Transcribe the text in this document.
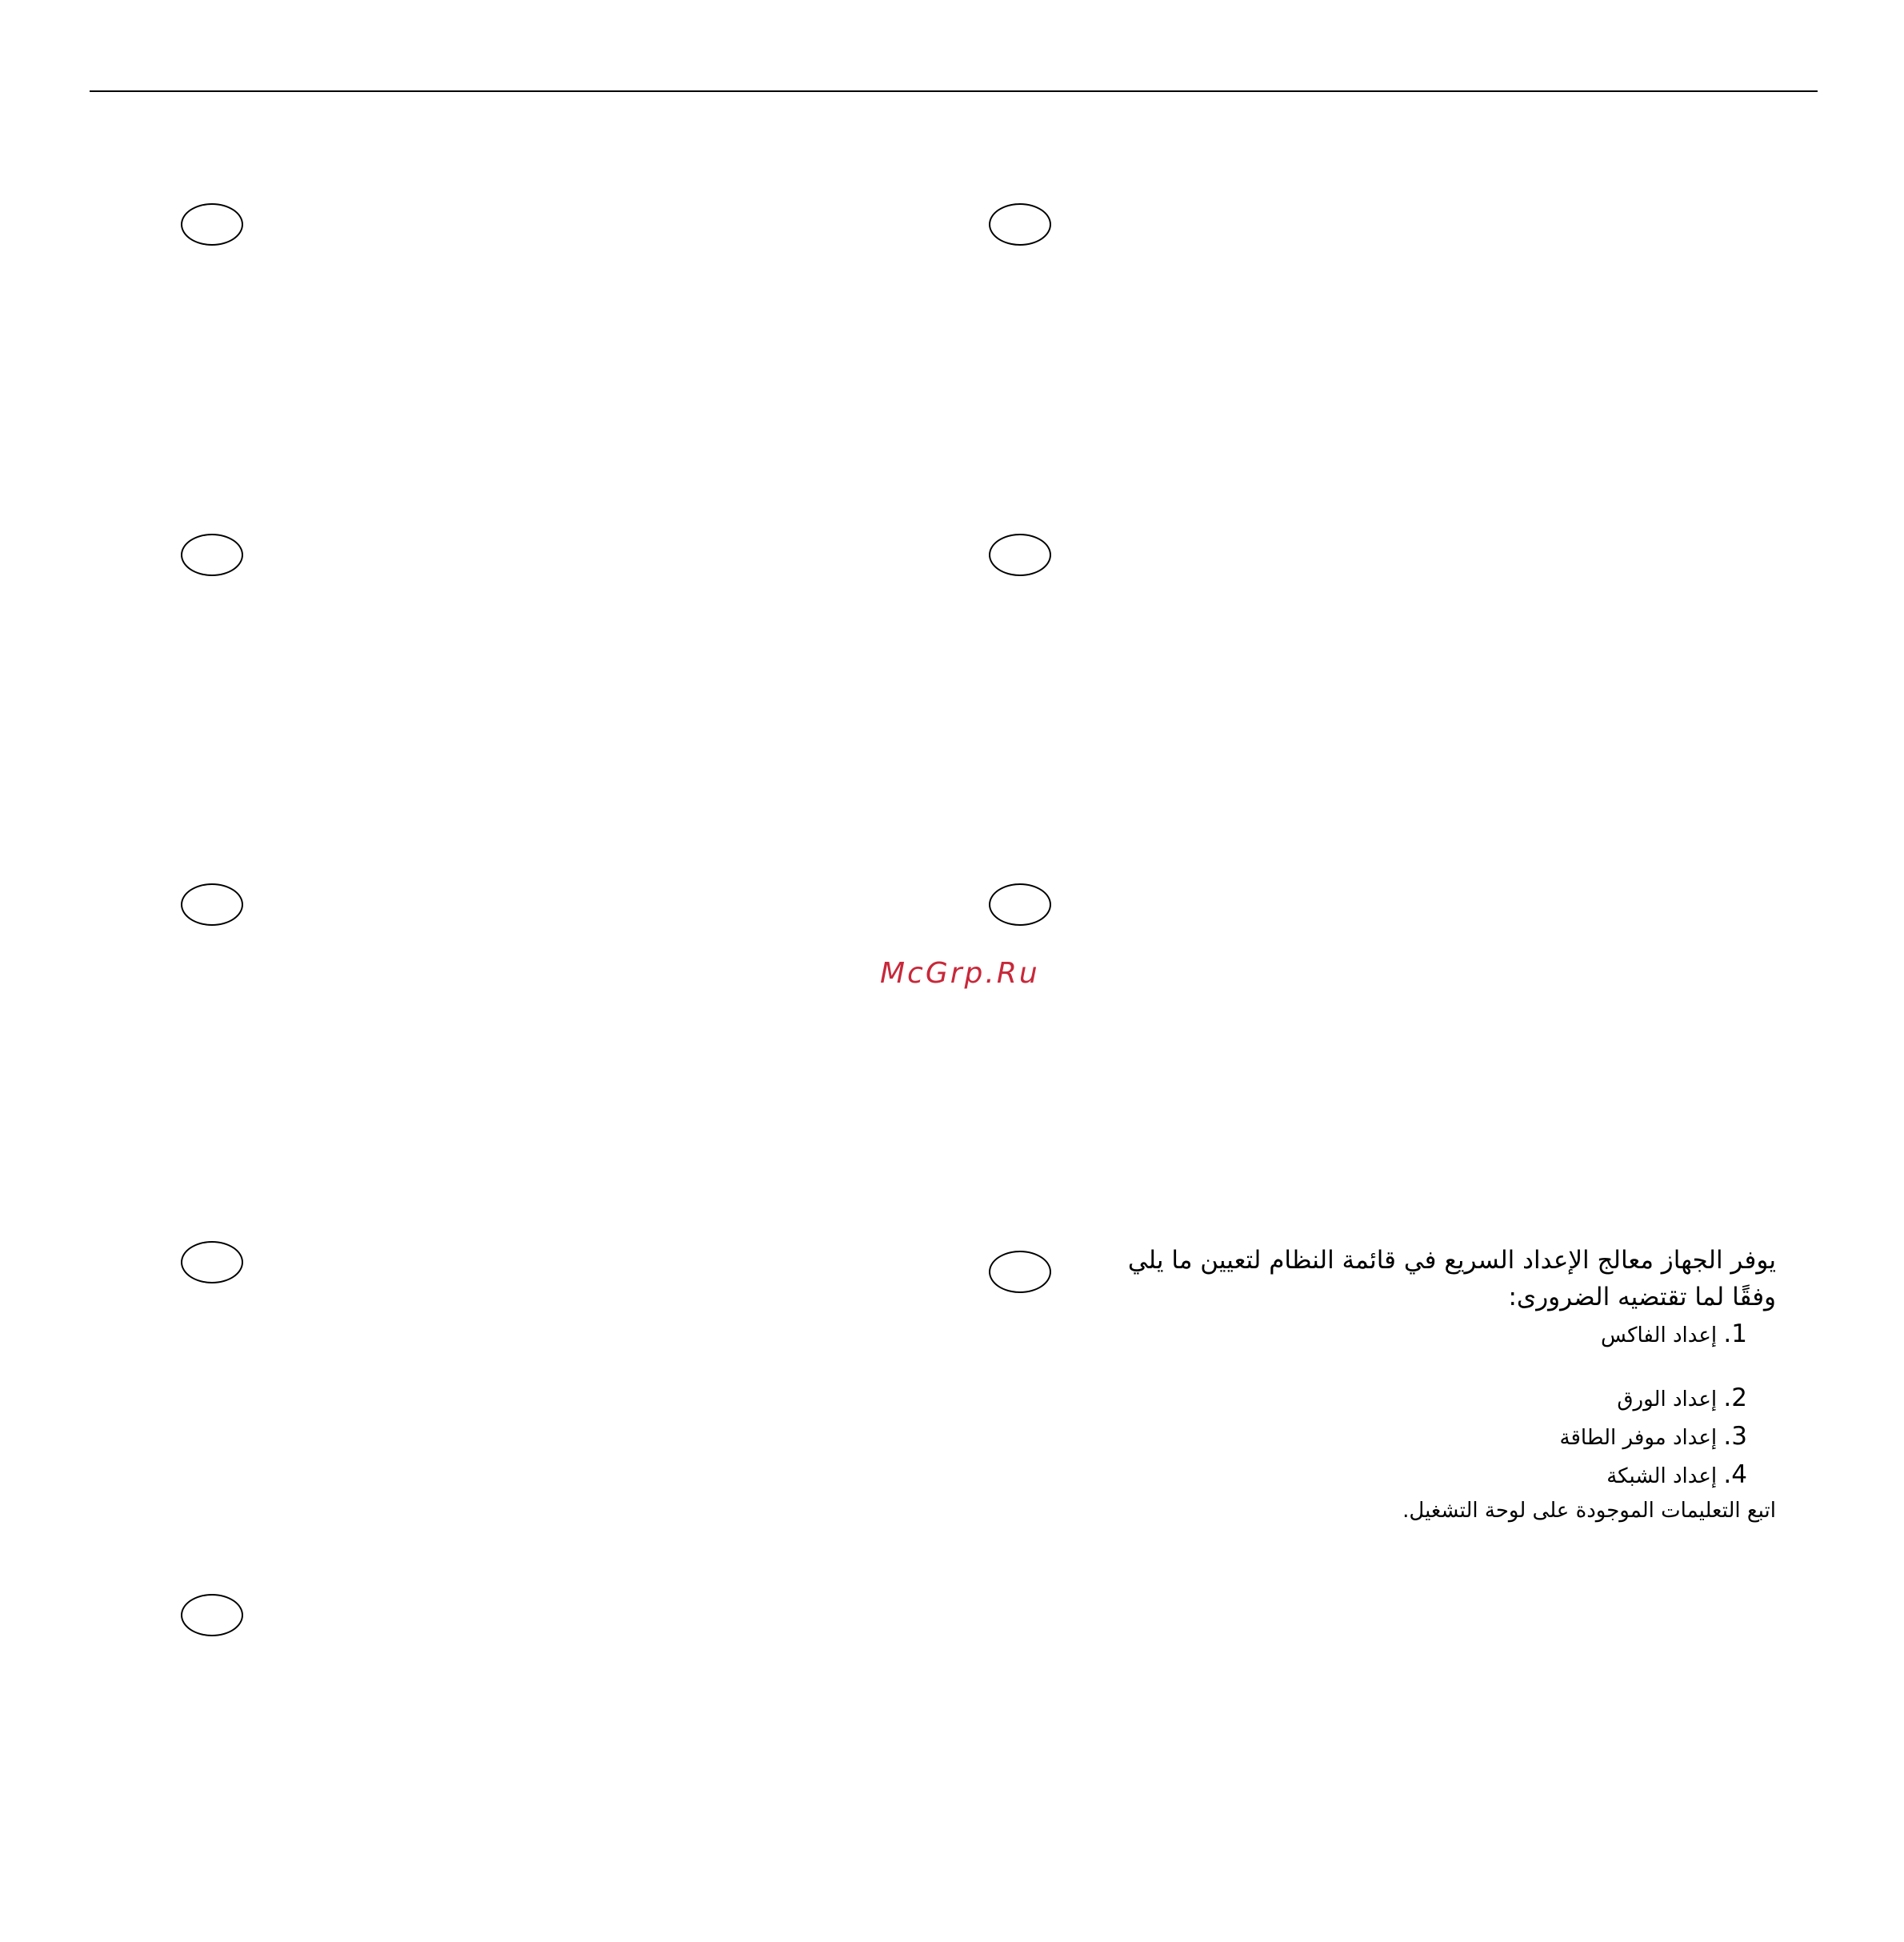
McGrp.Ru

يوفر الجهاز معالج الإعداد السريع في قائمة النظام لتعيين ما يلي وفقًا لما تقتضيه الضرورى:

1. إعداد الفاكس
2. إعداد الورق
3. إعداد موفر الطاقة
4. إعداد الشبكة

اتبع التعليمات الموجودة على لوحة التشغيل.
